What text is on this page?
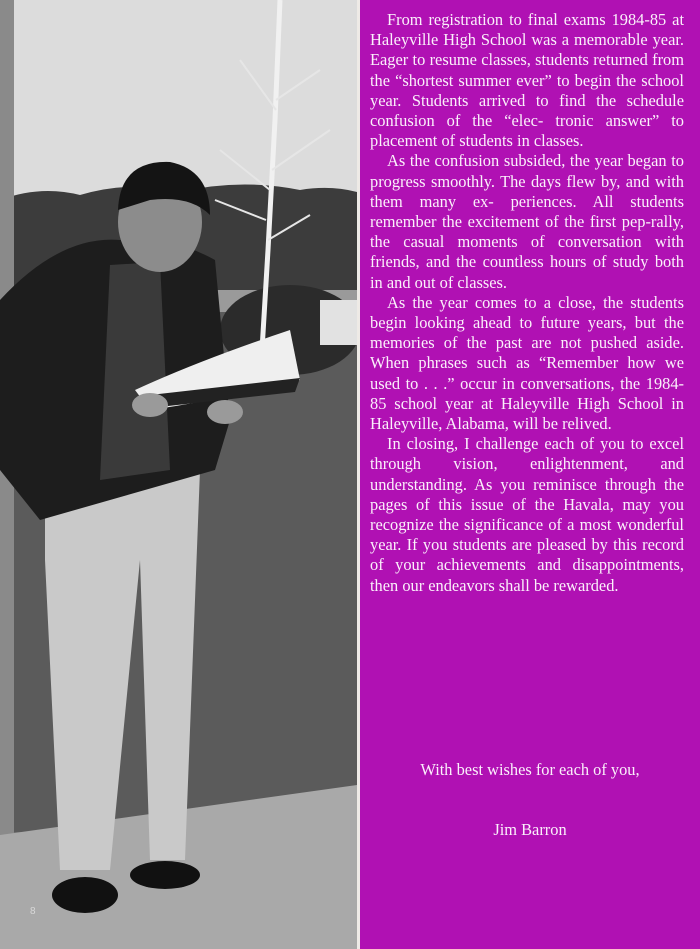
8

From registration to final exams 1984-85 at Haleyville High School was a memorable year. Eager to resume classes, students returned from the “shortest summer ever” to begin the school year. Students arrived to find the schedule confusion of the “elec- tronic answer” to placement of students in classes.

As the confusion subsided, the year began to progress smoothly. The days flew by, and with them many ex- periences. All students remember the excitement of the first pep-rally, the casual moments of conversation with friends, and the countless hours of study both in and out of classes.

As the year comes to a close, the students begin looking ahead to future years, but the memories of the past are not pushed aside. When phrases such as “Remember how we used to . . .” occur in conversations, the 1984-85 school year at Haleyville High School in Haleyville, Alabama, will be relived.

In closing, I challenge each of you to excel through vision, enlightenment, and understanding. As you reminisce through the pages of this issue of the Havala, may you recognize the significance of a most wonderful year. If you students are pleased by this record of your achievements and disappointments, then our endeavors shall be rewarded.

With best wishes for each of you,
Jim Barron
